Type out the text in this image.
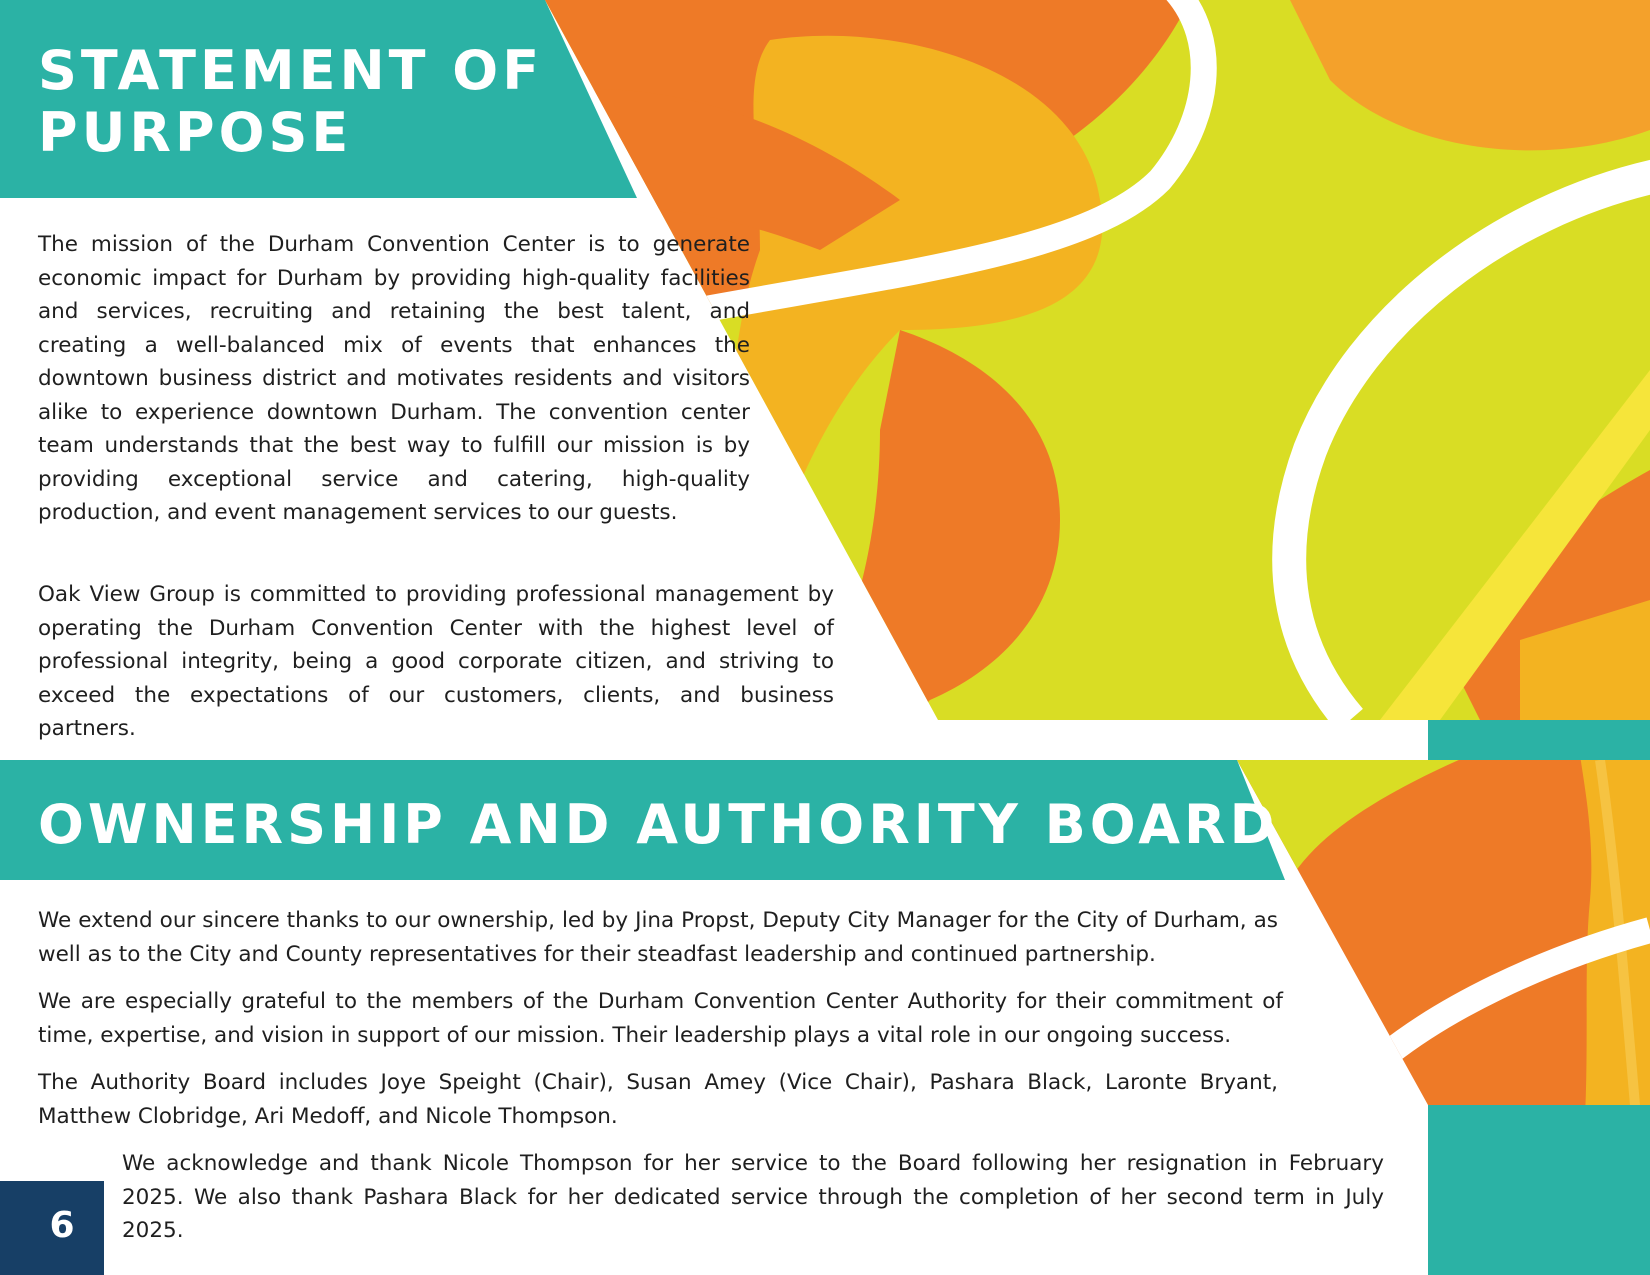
STATEMENT OF PURPOSE

The mission of the Durham Convention Center is to generate economic impact for Durham by providing high-quality facilities and services, recruiting and retaining the best talent, and creating a well-balanced mix of events that enhances the downtown business district and motivates residents and visitors alike to experience downtown Durham. The convention center team understands that the best way to fulfill our mission is by providing exceptional service and catering, high-quality production, and event management services to our guests.

Oak View Group is committed to providing professional management by operating the Durham Convention Center with the highest level of professional integrity, being a good corporate citizen, and striving to exceed the expectations of our customers, clients, and business partners.

OWNERSHIP AND AUTHORITY BOARD

We extend our sincere thanks to our ownership, led by Jina Propst, Deputy City Manager for the City of Durham, as well as to the City and County representatives for their steadfast leadership and continued partnership.

We are especially grateful to the members of the Durham Convention Center Authority for their commitment of time, expertise, and vision in support of our mission. Their leadership plays a vital role in our ongoing success.

The Authority Board includes Joye Speight (Chair), Susan Amey (Vice Chair), Pashara Black, Laronte Bryant, Matthew Clobridge, Ari Medoff, and Nicole Thompson.

We acknowledge and thank Nicole Thompson for her service to the Board following her resignation in February 2025. We also thank Pashara Black for her dedicated service through the completion of her second term in July 2025.

6
